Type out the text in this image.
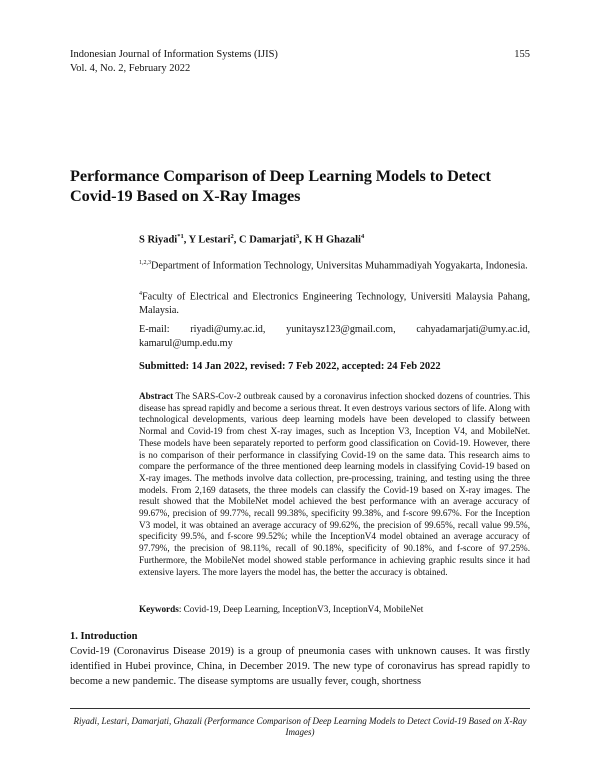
Indonesian Journal of Information Systems (IJIS)
Vol. 4, No. 2, February 2022
155
Performance Comparison of Deep Learning Models to Detect Covid-19 Based on X-Ray Images
S Riyadi$^{*1}$, Y Lestari$^2$, C Damarjati$^3$, K H Ghazali$^4$
$^{1,2,3}$Department of Information Technology, Universitas Muhammadiyah Yogyakarta, Indonesia.
$^4$Faculty of Electrical and Electronics Engineering Technology, Universiti Malaysia Pahang, Malaysia.
E-mail: riyadi@umy.ac.id, yunitaysz123@gmail.com, cahyadamarjati@umy.ac.id, kamarul@ump.edu.my
Submitted: 14 Jan 2022, revised: 7 Feb 2022, accepted: 24 Feb 2022
Abstract The SARS-Cov-2 outbreak caused by a coronavirus infection shocked dozens of countries. This disease has spread rapidly and become a serious threat. It even destroys various sectors of life. Along with technological developments, various deep learning models have been developed to classify between Normal and Covid-19 from chest X-ray images, such as Inception V3, Inception V4, and MobileNet. These models have been separately reported to perform good classification on Covid-19. However, there is no comparison of their performance in classifying Covid-19 on the same data. This research aims to compare the performance of the three mentioned deep learning models in classifying Covid-19 based on X-ray images. The methods involve data collection, pre-processing, training, and testing using the three models. From 2,169 datasets, the three models can classify the Covid-19 based on X-ray images. The result showed that the MobileNet model achieved the best performance with an average accuracy of 99.67%, precision of 99.77%, recall 99.38%, specificity 99.38%, and f-score 99.67%. For the Inception V3 model, it was obtained an average accuracy of 99.62%, the precision of 99.65%, recall value 99.5%, specificity 99.5%, and f-score 99.52%; while the InceptionV4 model obtained an average accuracy of 97.79%, the precision of 98.11%, recall of 90.18%, specificity of 90.18%, and f-score of 97.25%. Furthermore, the MobileNet model showed stable performance in achieving graphic results since it had extensive layers. The more layers the model has, the better the accuracy is obtained.
Keywords: Covid-19, Deep Learning, InceptionV3, InceptionV4, MobileNet
1. Introduction
Covid-19 (Coronavirus Disease 2019) is a group of pneumonia cases with unknown causes. It was firstly identified in Hubei province, China, in December 2019. The new type of coronavirus has spread rapidly to become a new pandemic. The disease symptoms are usually fever, cough, shortness
Riyadi, Lestari, Damarjati, Ghazali (Performance Comparison of Deep Learning Models to Detect Covid-19 Based on X-Ray Images)
